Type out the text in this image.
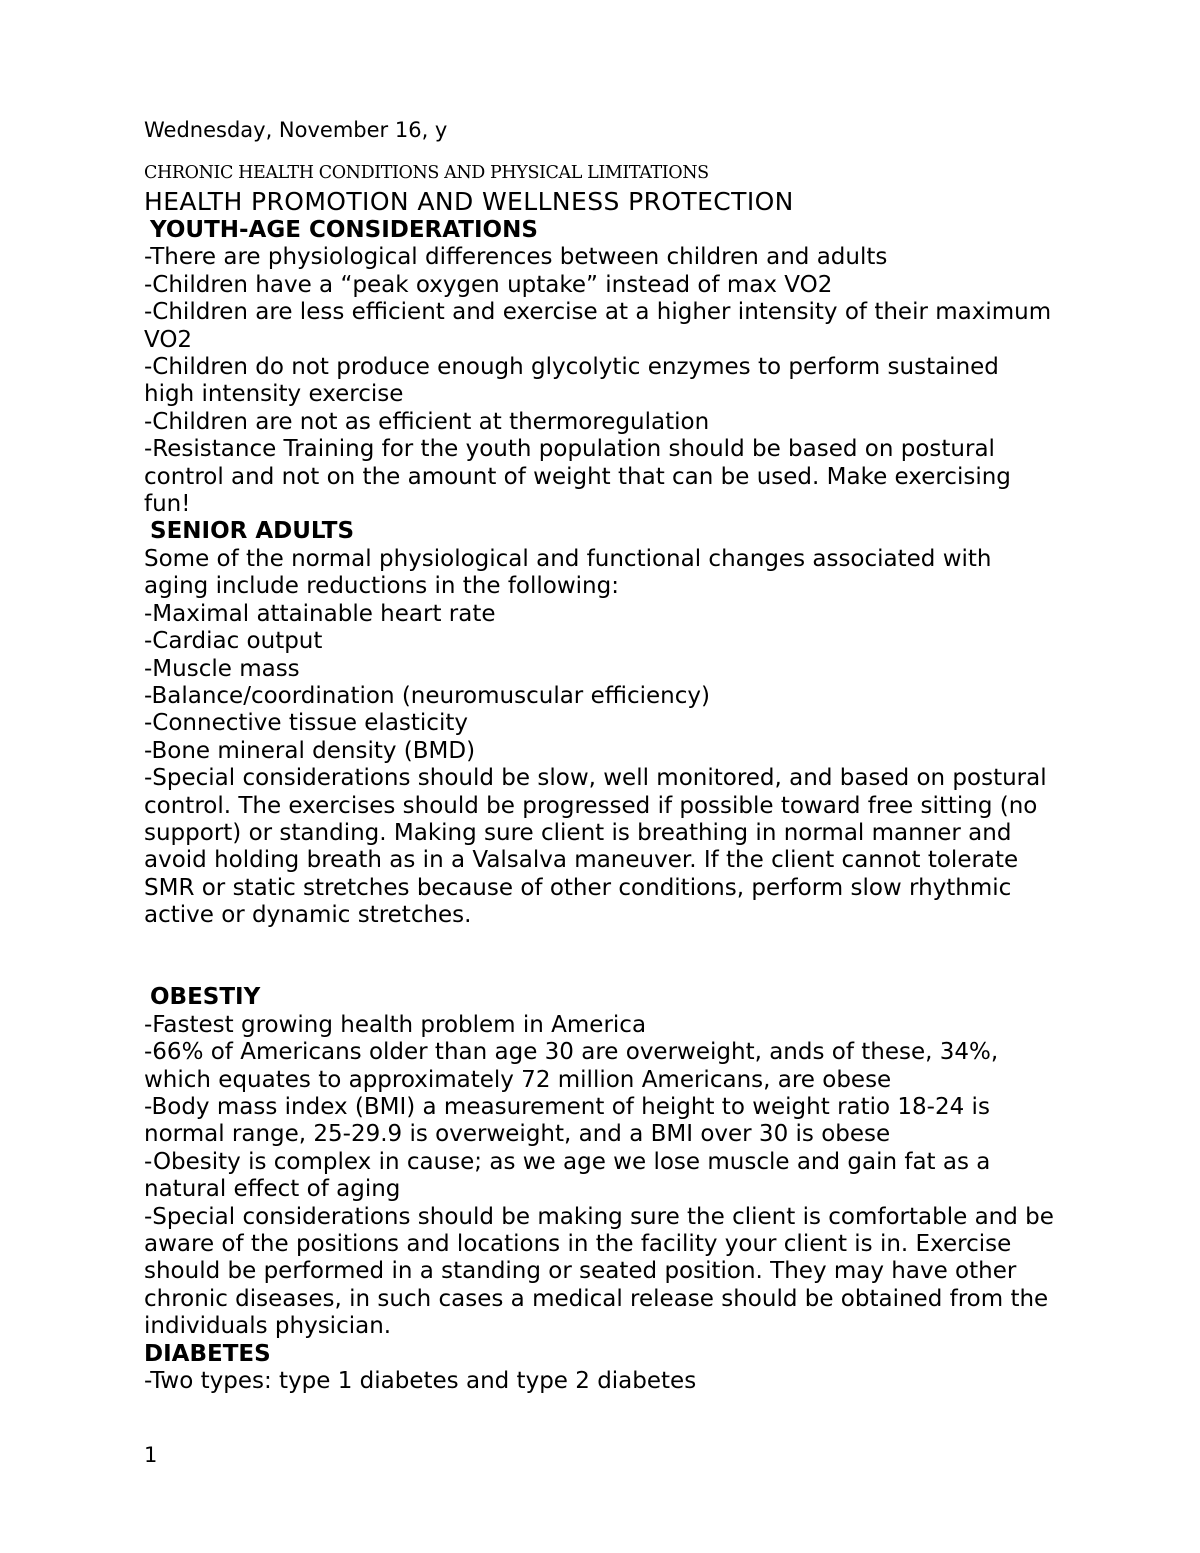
Wednesday, November 16, y

CHRONIC HEALTH CONDITIONS AND PHYSICAL LIMITATIONS

HEALTH PROMOTION AND WELLNESS PROTECTION

YOUTH-AGE CONSIDERATIONS

-There are physiological differences between children and adults

-Children have a “peak oxygen uptake” instead of max VO2

-Children are less efficient and exercise at a higher intensity of their maximum VO2

-Children do not produce enough glycolytic enzymes to perform sustained high intensity exercise

-Children are not as efficient at thermoregulation

-Resistance Training for the youth population should be based on postural control and not on the amount of weight that can be used. Make exercising fun!

SENIOR ADULTS

Some of the normal physiological and functional changes associated with aging include reductions in the following:

-Maximal attainable heart rate

-Cardiac output

-Muscle mass

-Balance/coordination (neuromuscular efficiency)

-Connective tissue elasticity

-Bone mineral density (BMD)

-Special considerations should be slow, well monitored, and based on postural control. The exercises should be progressed if possible toward free sitting (no support) or standing. Making sure client is breathing in normal manner and avoid holding breath as in a Valsalva maneuver. If the client cannot tolerate SMR or static stretches because of other conditions, perform slow rhythmic active or dynamic stretches.

OBESTIY

-Fastest growing health problem in America

-66% of Americans older than age 30 are overweight, ands of these, 34%, which equates to approximately 72 million Americans, are obese

-Body mass index (BMI) a measurement of height to weight ratio 18-24 is normal range, 25-29.9 is overweight, and a BMI over 30 is obese

-Obesity is complex in cause; as we age we lose muscle and gain fat as a natural effect of aging

-Special considerations should be making sure the client is comfortable and be aware of the positions and locations in the facility your client is in. Exercise should be performed in a standing or seated position. They may have other chronic diseases, in such cases a medical release should be obtained from the individuals physician.

DIABETES

-Two types: type 1 diabetes and type 2 diabetes

1
